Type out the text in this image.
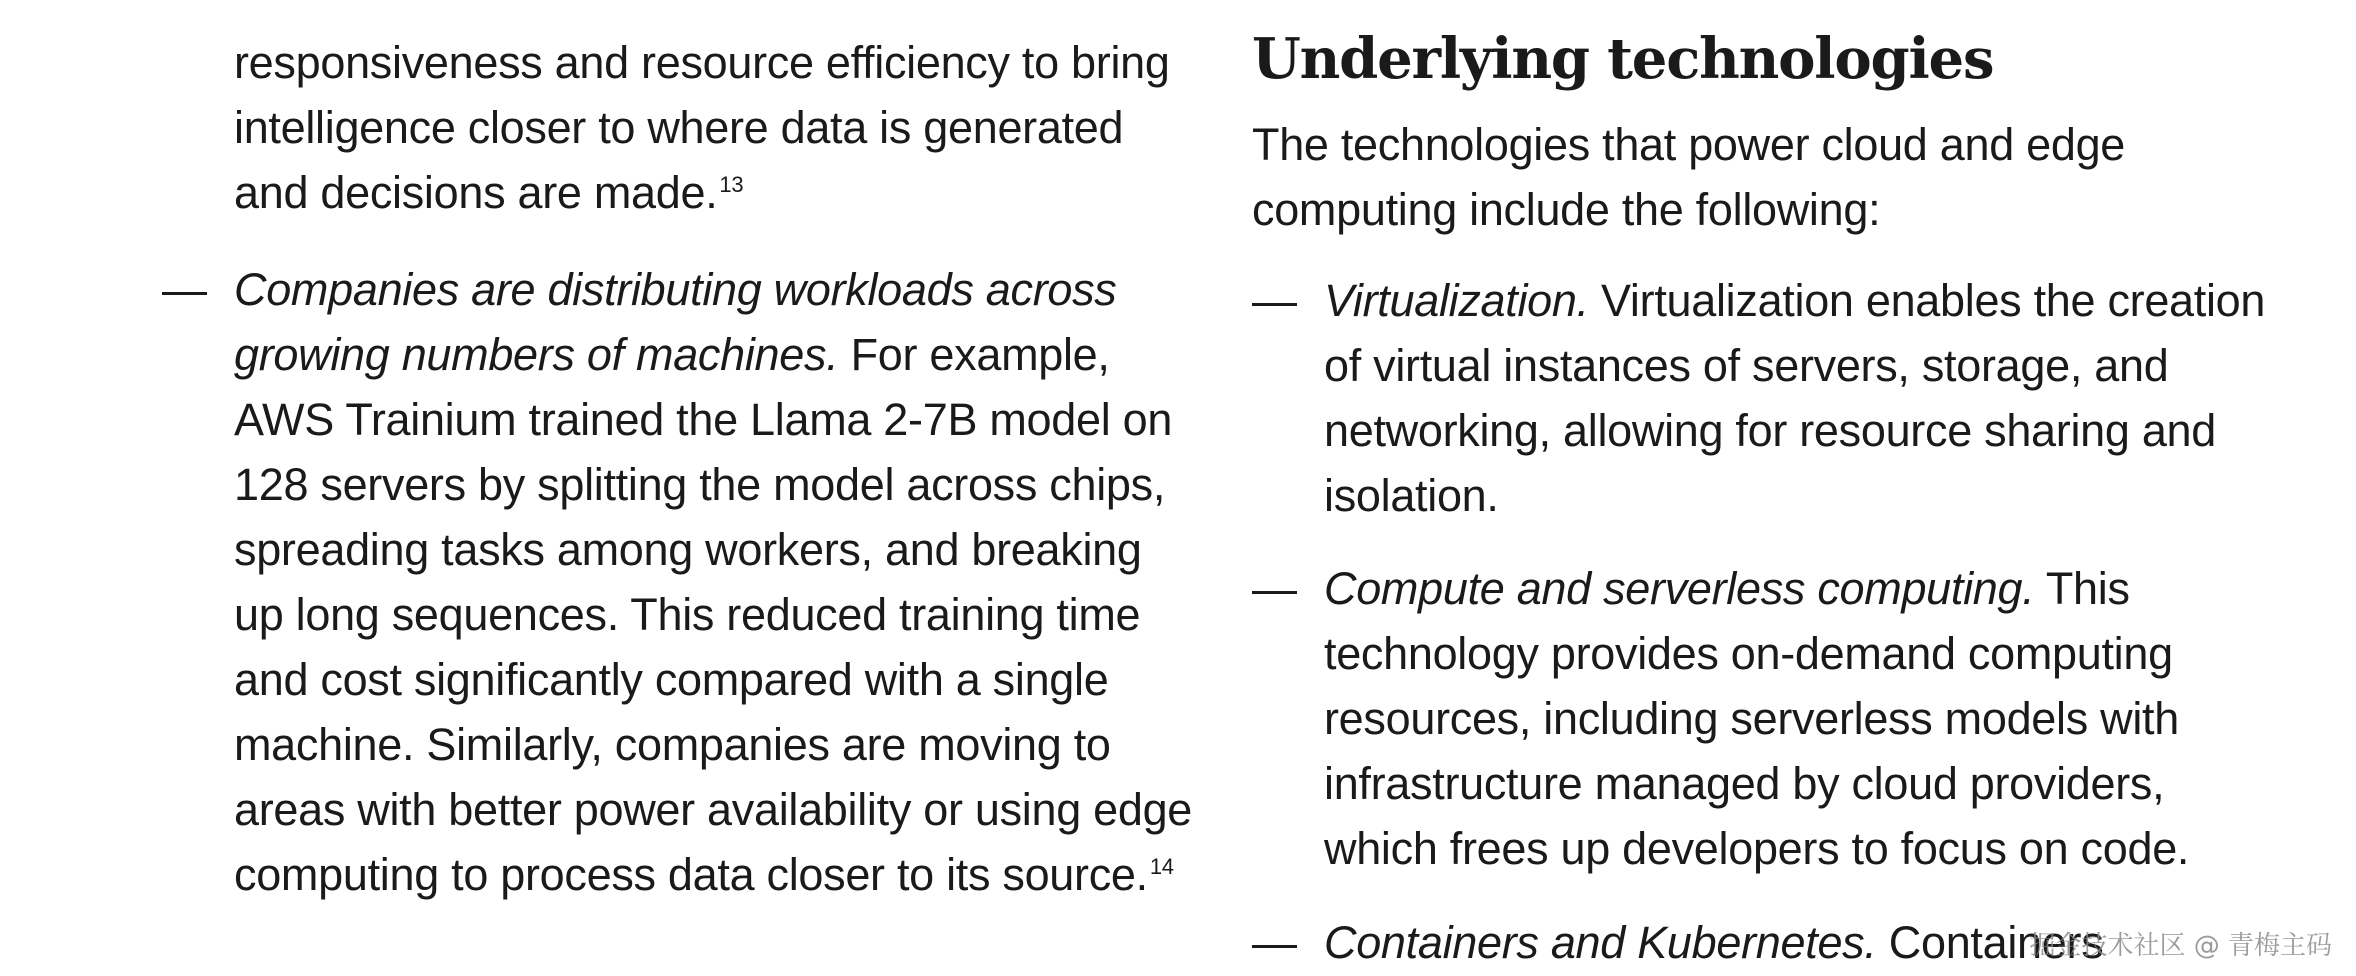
responsiveness and resource efficiency to bring intelligence closer to where data is generated and decisions are made.$^{13}$

— Companies are distributing workloads across growing numbers of machines. For example, AWS Trainium trained the Llama 2-7B model on 128 servers by splitting the model across chips, spreading tasks among workers, and breaking up long sequences. This reduced training time and cost significantly compared with a single machine. Similarly, companies are moving to areas with better power availability or using edge computing to process data closer to its source.$^{14}$

Underlying technologies

The technologies that power cloud and edge computing include the following:

— Virtualization. Virtualization enables the creation of virtual instances of servers, storage, and networking, allowing for resource sharing and isolation.

— Compute and serverless computing. This technology provides on-demand computing resources, including serverless models with infrastructure managed by cloud providers, which frees up developers to focus on code.

— Containers and Kubernetes. Containers

掘金技术社区 @ 青梅主码
